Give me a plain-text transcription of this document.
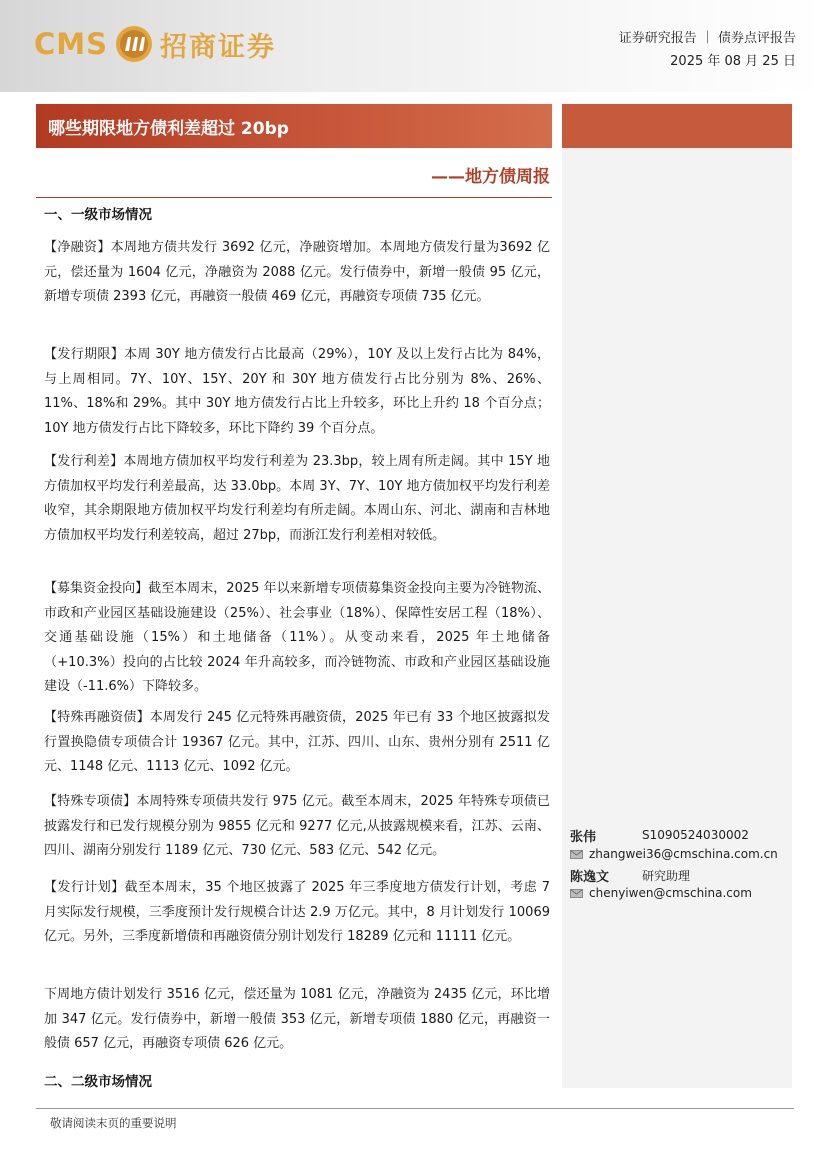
CMS 招商证券	证券研究报告 ｜ 债券点评报告
2025 年 08 月 25 日
哪些期限地方债利差超过 20bp
——地方债周报
一、一级市场情况
【净融资】本周地方债共发行 3692 亿元，净融资增加。本周地方债发行量为3692 亿元，偿还量为 1604 亿元，净融资为 2088 亿元。发行债券中，新增一般债 95 亿元，新增专项债 2393 亿元，再融资一般债 469 亿元，再融资专项债 735 亿元。
【发行期限】本周 30Y 地方债发行占比最高（29%），10Y 及以上发行占比为 84%，与上周相同。7Y、10Y、15Y、20Y 和 30Y 地方债发行占比分别为 8%、26%、11%、18%和 29%。其中 30Y 地方债发行占比上升较多，环比上升约 18 个百分点；10Y 地方债发行占比下降较多，环比下降约 39 个百分点。
【发行利差】本周地方债加权平均发行利差为 23.3bp，较上周有所走阔。其中 15Y 地方债加权平均发行利差最高，达 33.0bp。本周 3Y、7Y、10Y 地方债加权平均发行利差收窄，其余期限地方债加权平均发行利差均有所走阔。本周山东、河北、湖南和吉林地方债加权平均发行利差较高，超过 27bp，而浙江发行利差相对较低。
【募集资金投向】截至本周末，2025 年以来新增专项债募集资金投向主要为冷链物流、市政和产业园区基础设施建设（25%）、社会事业（18%）、保障性安居工程（18%）、交通基础设施（15%）和土地储备（11%）。从变动来看，2025 年土地储备（+10.3%）投向的占比较 2024 年升高较多，而冷链物流、市政和产业园区基础设施建设（-11.6%）下降较多。
【特殊再融资债】本周发行 245 亿元特殊再融资债，2025 年已有 33 个地区披露拟发行置换隐债专项债合计 19367 亿元。其中，江苏、四川、山东、贵州分别有 2511 亿元、1148 亿元、1113 亿元、1092 亿元。
【特殊专项债】本周特殊专项债共发行 975 亿元。截至本周末，2025 年特殊专项债已披露发行和已发行规模分别为 9855 亿元和 9277 亿元,从披露规模来看，江苏、云南、四川、湖南分别发行 1189 亿元、730 亿元、583 亿元、542 亿元。
【发行计划】截至本周末，35 个地区披露了 2025 年三季度地方债发行计划，考虑 7 月实际发行规模，三季度预计发行规模合计达 2.9 万亿元。其中，8 月计划发行 10069 亿元。另外，三季度新增债和再融资债分别计划发行 18289 亿元和 11111 亿元。
下周地方债计划发行 3516 亿元，偿还量为 1081 亿元，净融资为 2435 亿元，环比增加 347 亿元。发行债券中，新增一般债 353 亿元，新增专项债 1880 亿元，再融资一般债 657 亿元，再融资专项债 626 亿元。
二、二级市场情况
张伟	S1090524030002
zhangwei36@cmschina.com.cn
陈逸文	研究助理
chenyiwen@cmschina.com
敬请阅读末页的重要说明
